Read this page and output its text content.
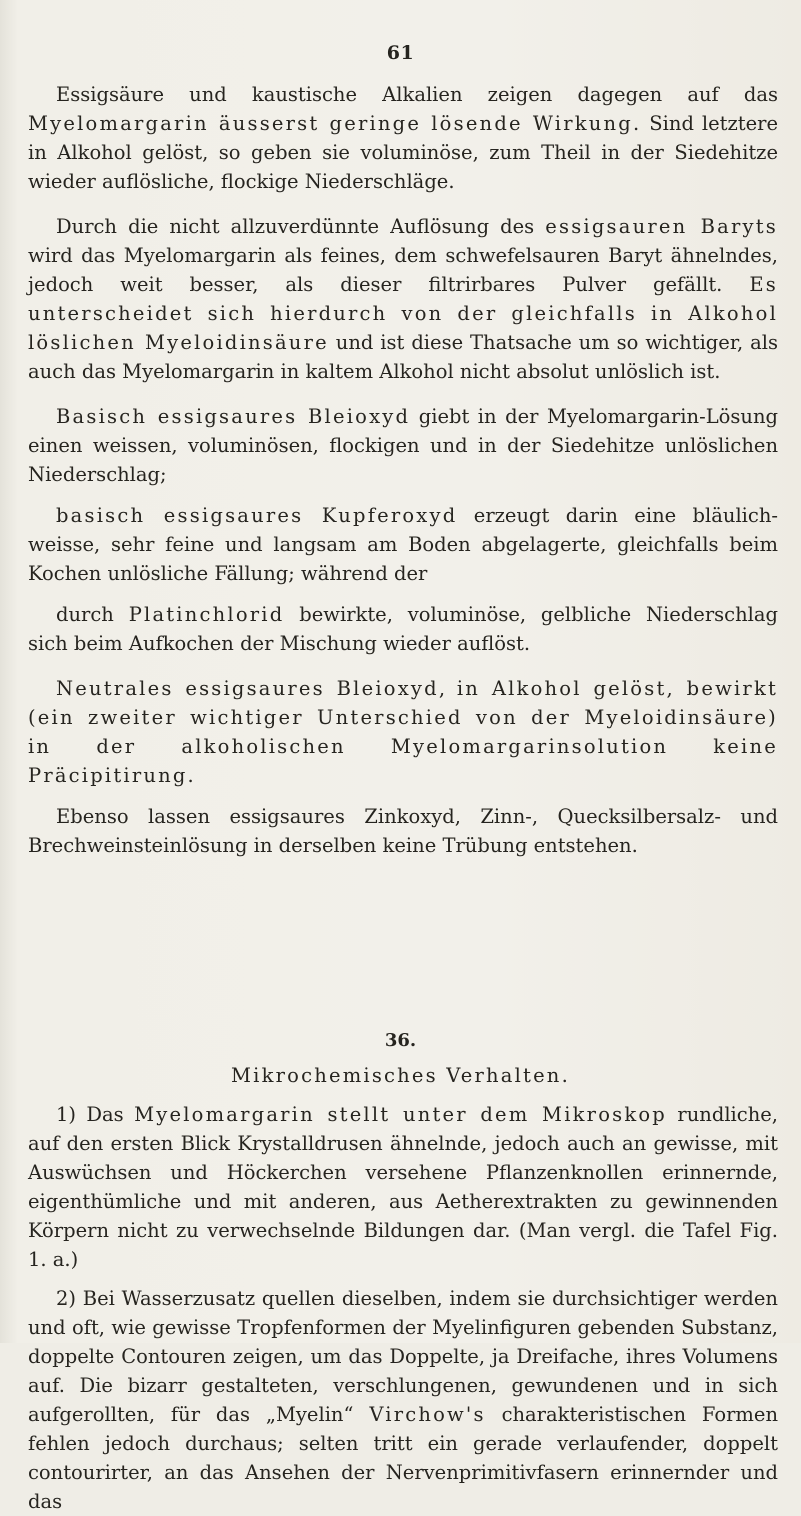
61

Essigsäure und kaustische Alkalien zeigen dagegen auf das Myelomargarin äusserst geringe lösende Wirkung. Sind letztere in Alkohol gelöst, so geben sie voluminöse, zum Theil in der Siedehitze wieder auflösliche, flockige Niederschläge.

Durch die nicht allzuverdünnte Auflösung des essigsauren Baryts wird das Myelomargarin als feines, dem schwefelsauren Baryt ähnelndes, jedoch weit besser, als dieser filtrirbares Pulver gefällt. Es unterscheidet sich hierdurch von der gleichfalls in Alkohol löslichen Myeloidinsäure und ist diese Thatsache um so wichtiger, als auch das Myelomargarin in kaltem Alkohol nicht absolut unlöslich ist.

Basisch essigsaures Bleioxyd giebt in der Myelomargarin-Lösung einen weissen, voluminösen, flockigen und in der Siedehitze unlöslichen Niederschlag;

basisch essigsaures Kupferoxyd erzeugt darin eine bläulich-weisse, sehr feine und langsam am Boden abgelagerte, gleichfalls beim Kochen unlösliche Fällung; während der

durch Platinchlorid bewirkte, voluminöse, gelbliche Niederschlag sich beim Aufkochen der Mischung wieder auflöst.

Neutrales essigsaures Bleioxyd, in Alkohol gelöst, bewirkt (ein zweiter wichtiger Unterschied von der Myeloidinsäure) in der alkoholischen Myelomargarinsolution keine Präcipitirung.

Ebenso lassen essigsaures Zinkoxyd, Zinn-, Quecksilbersalz- und Brechweinsteinlösung in derselben keine Trübung entstehen.

36.
Mikrochemisches Verhalten.

1) Das Myelomargarin stellt unter dem Mikroskop rundliche, auf den ersten Blick Krystalldrusen ähnelnde, jedoch auch an gewisse, mit Auswüchsen und Höckerchen versehene Pflanzenknollen erinnernde, eigenthümliche und mit anderen, aus Aetherextrakten zu gewinnenden Körpern nicht zu verwechselnde Bildungen dar. (Man vergl. die Tafel Fig. 1. a.)

2) Bei Wasserzusatz quellen dieselben, indem sie durchsichtiger werden und oft, wie gewisse Tropfenformen der Myelinfiguren gebenden Substanz, doppelte Contouren zeigen, um das Doppelte, ja Dreifache, ihres Volumens auf. Die bizarr gestalteten, verschlungenen, gewundenen und in sich aufgerollten, für das „Myelin“ Virchow's charakteristischen Formen fehlen jedoch durchaus; selten tritt ein gerade verlaufender, doppelt contourirter, an das Ansehen der Nervenprimitivfasern erinnernder und das
